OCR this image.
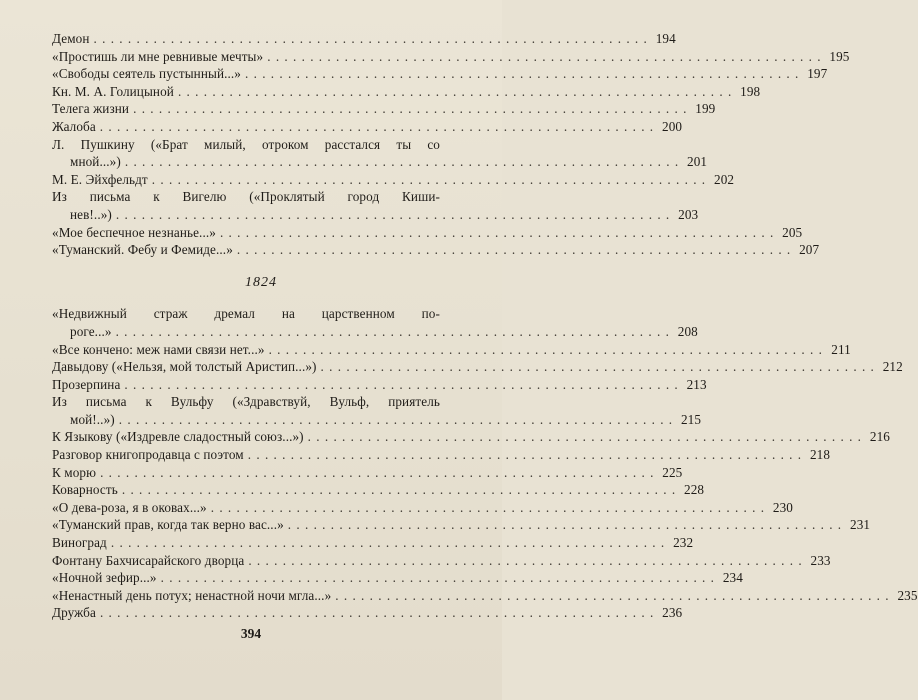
Демон . . .	194
«Простишь ли мне ревнивые мечты» . . .	195
«Свободы сеятель пустынный...» . . .	197
Кн. М. А. Голицыной . . .	198
Телега жизни . . .	199
Жалоба . . .	200
Л. Пушкину («Брат милый, отроком расстался ты со
мной...») . . .	201
М. Е. Эйхфельдт . . .	202
Из письма к Вигелю («Проклятый город Киши-
нев!..») . . .	203
«Мое беспечное незнанье...» . . .	205
«Туманский. Фебу и Фемиде...» . . .	207
1824
«Недвижный страж дремал на царственном по-
роге...» . . .	208
«Все кончено: меж нами связи нет...» . . .	211
Давыдову («Нельзя, мой толстый Аристип...») . . .	212
Прозерпина . . .	213
Из письма к Вульфу («Здравствуй, Вульф, приятель
мой!..») . . .	215
К Языкову («Издревле сладостный союз...») . . .	216
Разговор книгопродавца с поэтом . . .	218
К морю . . .	225
Коварность . . .	228
«О дева-роза, я в оковах...» . . .	230
«Туманский прав, когда так верно вас...» . . .	231
Виноград . . .	232
Фонтану Бахчисарайского дворца . . .	233
«Ночной зефир...» . . .	234
«Ненастный день потух; ненастной ночи мгла...» . . .	235
Дружба . . .	236
394
